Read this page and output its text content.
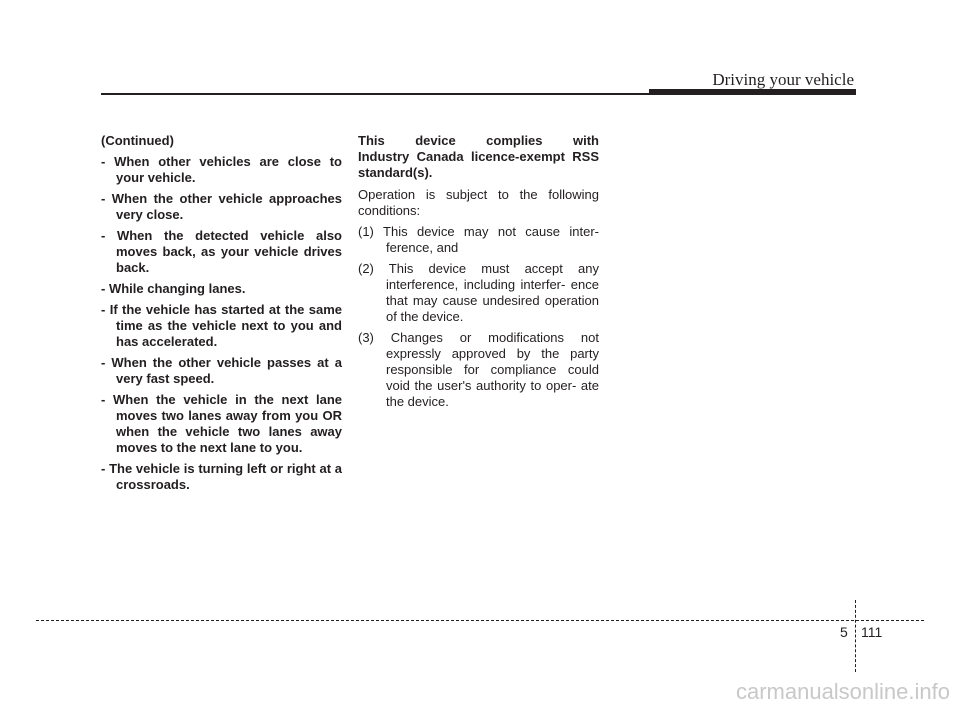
Driving your vehicle

(Continued)

- When other vehicles are close to your vehicle.

- When the other vehicle approaches very close.

- When the detected vehicle also moves back, as your vehicle drives back.

- While changing lanes.

- If the vehicle has started at the same time as the vehicle next to you and has accelerated.

- When the other vehicle passes at a very fast speed.

- When the vehicle in the next lane moves two lanes away from you OR when the vehicle two lanes away moves to the next lane to you.

- The vehicle is turning left or right at a crossroads.

This device complies with
Industry Canada licence-exempt RSS standard(s).

Operation is subject to the following conditions:

(1) This device may not cause inter- ference, and

(2) This device must accept any interference, including interfer- ence that may cause undesired operation of the device.

(3) Changes or modifications not expressly approved by the party responsible for compliance could void the user's authority to oper- ate the device.

5 111
carmanualsonline.info
